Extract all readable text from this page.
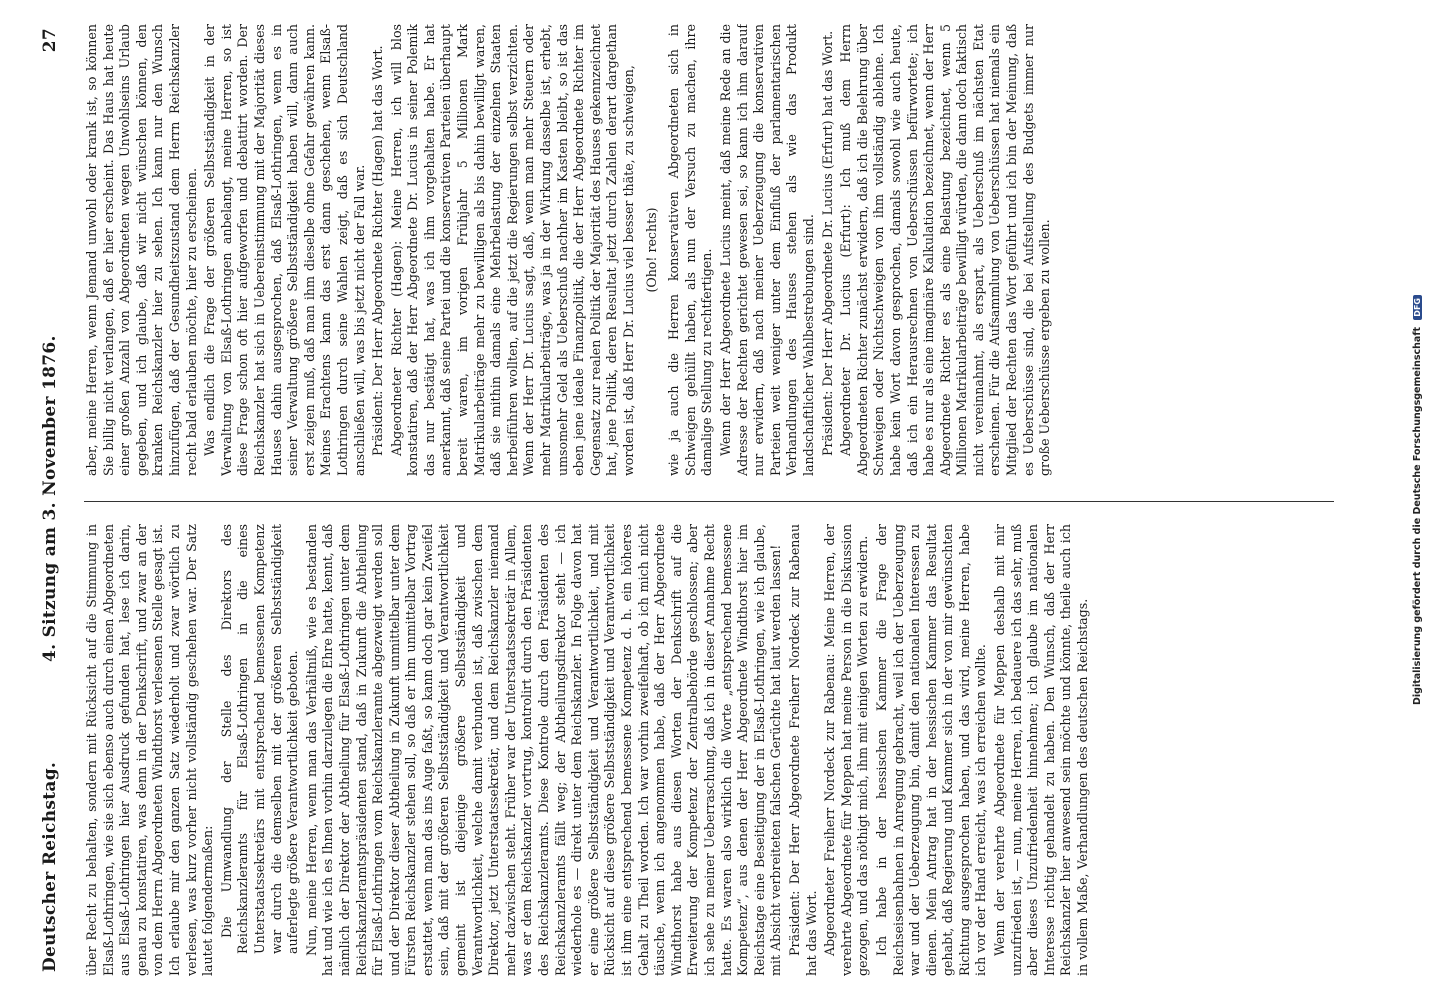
Deutscher Reichstag.
4. Sitzung am 3. November 1876.
27

über Recht zu behalten, sondern mit Rücksicht auf die Stimmung in Elsaß-Lothringen, wie sie sich ebenso auch durch einen Abgeordneten aus Elsaß-Lothringen hier Ausdruck gefunden hat, lese ich darin, genau zu konstatiren, was denn in der Denkschrift, und zwar an der von dem Herrn Abgeordneten Windthorst verlesenen Stelle gesagt ist. Ich erlaube mir den ganzen Satz wiederholt und zwar wörtlich zu verlesen, was kurz vorher nicht vollständig geschehen war. Der Satz lautet folgendermaßen: Die Umwandlung der Stelle des Direktors des Reichskanzleramts für Elsaß-Lothringen in die eines Unterstaatssekretärs mit entsprechend bemessenen Kompetenz war durch die demselben mit der größeren Selbstständigkeit auferlegte größere Verantwortlichkeit geboten. Nun, meine Herren, wenn man das Verhältniß, wie es bestanden hat und wie ich es Ihnen vorhin darzulegen die Ehre hatte, kennt, daß nämlich der Direktor der Abtheilung für Elsaß-Lothringen unter dem Reichskanzleramtspräsidenten stand, daß in Zukunft die Abtheilung für Elsaß-Lothringen vom Reichskanzleramte abgezweigt werden soll und der Direktor dieser Abtheilung in Zukunft unmittelbar unter dem Fürsten Reichskanzler stehen soll, so daß er ihm unmittelbar Vortrag erstattet, wenn man das ins Auge faßt, so kann doch gar kein Zweifel sein, daß mit der größeren Selbstständigkeit und Verantwortlichkeit gemeint ist diejenige größere Selbstständigkeit und Verantwortlichkeit, welche damit verbunden ist, daß zwischen dem Direktor, jetzt Unterstaatssekretär, und dem Reichskanzler niemand mehr dazwischen steht. Früher war der Unterstaatssekretär in Allem, was er dem Reichskanzler vortrug, kontrolirt durch den Präsidenten des Reichskanzleramts. Diese Kontrole durch den Präsidenten des Reichskanzleramts fällt weg; der Abtheilungsdirektor steht — ich wiederhole es — direkt unter dem Reichskanzler. In Folge davon hat er eine größere Selbstständigkeit und Verantwortlichkeit, und mit Rücksicht auf diese größere Selbstständigkeit und Verantwortlichkeit ist ihm eine entsprechend bemessene Kompetenz d. h. ein höheres Gehalt zu Theil worden. Ich war vorhin zweifelhaft, ob ich mich nicht täusche, wenn ich angenommen habe, daß der Herr Abgeordnete Windthorst habe aus diesen Worten der Denkschrift auf die Erweiterung der Kompetenz der Zentralbehörde geschlossen; aber ich sehe zu meiner Ueberraschung, daß ich in dieser Annahme Recht hatte. Es waren also wirklich die Worte „entsprechend bemessene Kompetenz“, aus denen der Herr Abgeordnete Windthorst hier im Reichstage eine Beseitigung der in Elsaß-Lothringen, wie ich glaube, mit Absicht verbreiteten falschen Gerüchte hat laut werden lassen! Präsident: Der Herr Abgeordnete Freiherr Nordeck zur Rabenau hat das Wort. Abgeordneter Freiherr Nordeck zur Rabenau: Meine Herren, der verehrte Abgeordnete für Meppen hat meine Person in die Diskussion gezogen, und das nöthigt mich, ihm mit einigen Worten zu erwidern. Ich habe in der hessischen Kammer die Frage der Reichseisenbahnen in Anregung gebracht, weil ich der Ueberzeugung war und der Ueberzeugung bin, damit den nationalen Interessen zu dienen. Mein Antrag hat in der hessischen Kammer das Resultat gehabt, daß Regierung und Kammer sich in der von mir gewünschten Richtung ausgesprochen haben, und das wird, meine Herren, habe ich vor der Hand erreicht, was ich erreichen wollte. Wenn der verehrte Abgeordnete für Meppen deshalb mit mir unzufrieden ist, — nun, meine Herren, ich bedauere ich das sehr, muß aber dieses Unzufriedenheit hinnehmen; ich glaube im nationalen Interesse richtig gehandelt zu haben. Den Wunsch, daß der Herr Reichskanzler hier anwesend sein möchte und könnte, theile auch ich in vollem Maße, Verhandlungen des deutschen Reichstags.

aber, meine Herren, wenn Jemand unwohl oder krank ist, so können Sie billig nicht verlangen, daß er hier erscheint. Das Haus hat heute einer großen Anzahl von Abgeordneten wegen Unwohlseins Urlaub gegeben, und ich glaube, daß wir nicht wünschen können, den kranken Reichskanzler hier zu sehen. Ich kann nur den Wunsch hinzufügen, daß der Gesundheitszustand dem Herrn Reichskanzler recht bald erlauben möchte, hier zu erscheinen. Was endlich die Frage der größeren Selbstständigkeit in der Verwaltung von Elsaß-Lothringen anbelangt, meine Herren, so ist diese Frage schon oft hier aufgeworfen und debattirt worden. Der Reichskanzler hat sich in Uebereinstimmung mit der Majorität dieses Hauses dahin ausgesprochen, daß Elsaß-Lothringen, wenn es in seiner Verwaltung größere Selbstständigkeit haben will, dann auch erst zeigen muß, daß man ihm dieselbe ohne Gefahr gewähren kann. Meines Erachtens kann das erst dann geschehen, wenn Elsaß-Lothringen durch seine Wahlen zeigt, daß es sich Deutschland anschließen will, was bis jetzt nicht der Fall war. Präsident: Der Herr Abgeordnete Richter (Hagen) hat das Wort. Abgeordneter Richter (Hagen): Meine Herren, ich will blos konstatiren, daß der Herr Abgeordnete Dr. Lucius in seiner Polemik das nur bestätigt hat, was ich ihm vorgehalten habe. Er hat anerkannt, daß seine Partei und die konservativen Parteien überhaupt bereit waren, im vorigen Frühjahr 5 Millionen Mark Matrikularbeiträge mehr zu bewilligen als bis dahin bewilligt waren, daß sie mithin damals eine Mehrbelastung der einzelnen Staaten herbeiführen wollten, auf die jetzt die Regierungen selbst verzichten. Wenn der Herr Dr. Lucius sagt, daß, wenn man mehr Steuern oder mehr Matrikularbeiträge, was ja in der Wirkung dasselbe ist, erhebt, umsomehr Geld als Ueberschuß nachher im Kasten bleibt, so ist das eben jene ideale Finanzpolitik, die der Herr Abgeordnete Richter im Gegensatz zur realen Politik der Majorität des Hauses gekennzeichnet hat, jene Politik, deren Resultat jetzt durch Zahlen derart dargethan worden ist, daß Herr Dr. Lucius viel besser thäte, zu schweigen, (Oho! rechts) wie ja auch die Herren konservativen Abgeordneten sich in Schweigen gehüllt haben, als nun der Versuch zu machen, ihre damalige Stellung zu rechtfertigen. Wenn der Herr Abgeordnete Lucius meint, daß meine Rede an die Adresse der Rechten gerichtet gewesen sei, so kann ich ihm darauf nur erwidern, daß nach meiner Ueberzeugung die konservativen Parteien weit weniger unter dem Einfluß der parlamentarischen Verhandlungen des Hauses stehen als wie das Produkt landschaftlicher Wahlbestrebungen sind. Präsident: Der Herr Abgeordnete Dr. Lucius (Erfurt) hat das Wort. Abgeordneter Dr. Lucius (Erfurt): Ich muß dem Herrn Abgeordneten Richter zunächst erwidern, daß ich die Belehrung über Schweigen oder Nichtschweigen von ihm vollständig ablehne. Ich habe kein Wort davon gesprochen, damals sowohl wie auch heute, daß ich ein Herausrechnen von Ueberschüssen befürwortete; ich habe es nur als eine imaginäre Kalkulation bezeichnet, wenn der Herr Abgeordnete Richter es als eine Belastung bezeichnet, wenn 5 Millionen Matrikularbeiträge bewilligt würden, die dann doch faktisch nicht vereinnahmt, als erspart, als Ueberschuß im nächsten Etat erscheinen. Für die Aufsammlung von Ueberschüssen hat niemals ein Mitglied der Rechten das Wort geführt und ich bin der Meinung, daß es Ueberschüsse sind, die bei Aufstellung des Budgets immer nur große Ueberschüsse ergeben zu wollen.	Digitalisierung gefördert durch die Deutsche Forschungsgemeinschaft DFG
